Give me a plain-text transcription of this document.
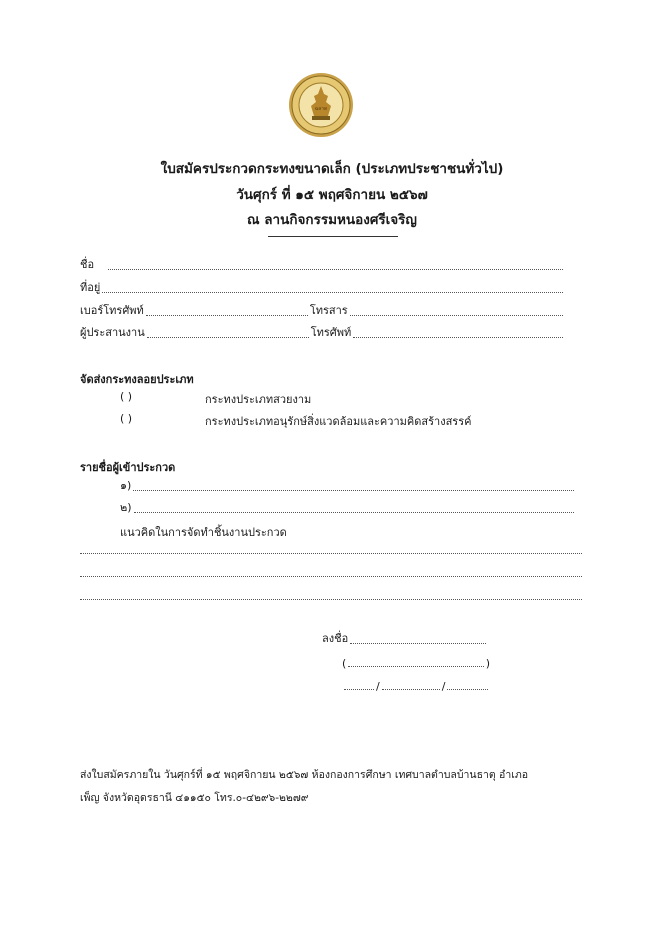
ฉลาด
ใบสมัครประกวดกระทงขนาดเล็ก (ประเภทประชาชนทั่วไป)
วันศุกร์ ที่ ๑๕ พฤศจิกายน ๒๕๖๗
ณ ลานกิจกรรมหนองศรีเจริญ
ชื่อ
ที่อยู่
เบอร์โทรศัพท์	โทรสาร
ผู้ประสานงาน	โทรศัพท์
จัดส่งกระทงลอยประเภท
( )	กระทงประเภทสวยงาม
( )	กระทงประเภทอนุรักษ์สิ่งแวดล้อมและความคิดสร้างสรรค์
รายชื่อผู้เข้าประกวด
๑)
๒)
แนวคิดในการจัดทำชิ้นงานประกวด
ลงชื่อ
(	)
/	/
ส่งใบสมัครภายใน วันศุกร์ที่ ๑๕ พฤศจิกายน ๒๕๖๗ ห้องกองการศึกษา เทศบาลตำบลบ้านธาตุ อำเภอ
เพ็ญ จังหวัดอุดรธานี ๔๑๑๕๐ โทร.๐-๔๒๙๖-๒๒๗๙
